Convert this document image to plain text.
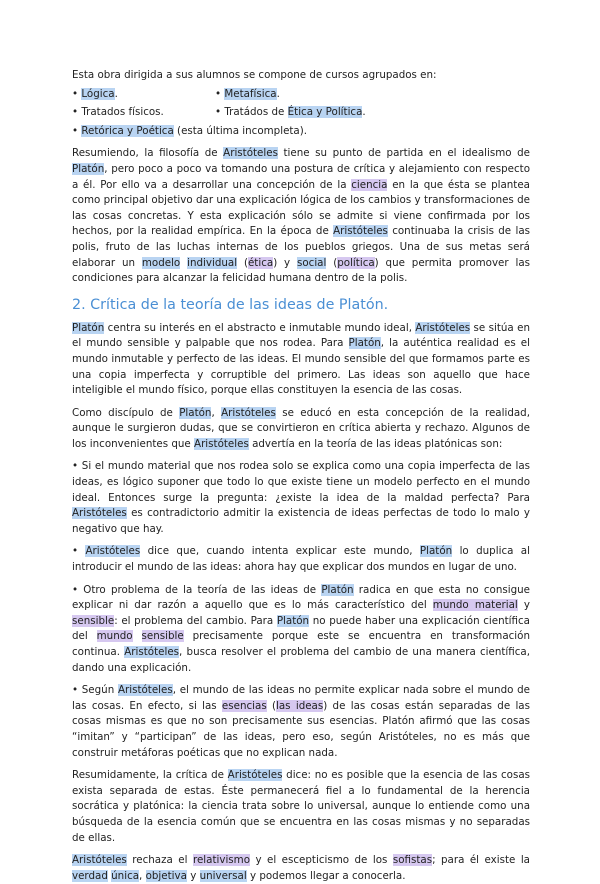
Esta obra dirigida a sus alumnos se compone de cursos agrupados en:

• Lógica.	• Metafísica.
• Tratados físicos.	• Tratádos de Ética y Política.
• Retórica y Poética (esta última incompleta).

Resumiendo, la filosofía de Aristóteles tiene su punto de partida en el idealismo de Platón, pero poco a poco va tomando una postura de crítica y alejamiento con respecto a él. Por ello va a desarrollar una concepción de la ciencia en la que ésta se plantea como principal objetivo dar una explicación lógica de los cambios y transformaciones de las cosas concretas. Y esta explicación sólo se admite si viene confirmada por los hechos, por la realidad empírica. En la época de Aristóteles continuaba la crisis de las polis, fruto de las luchas internas de los pueblos griegos. Una de sus metas será elaborar un modelo individual (ética) y social (política) que permita promover las condiciones para alcanzar la felicidad humana dentro de la polis.

2. Crítica de la teoría de las ideas de Platón.

Platón centra su interés en el abstracto e inmutable mundo ideal, Aristóteles se sitúa en el mundo sensible y palpable que nos rodea. Para Platón, la auténtica realidad es el mundo inmutable y perfecto de las ideas. El mundo sensible del que formamos parte es una copia imperfecta y corruptible del primero. Las ideas son aquello que hace inteligible el mundo físico, porque ellas constituyen la esencia de las cosas.

Como discípulo de Platón, Aristóteles se educó en esta concepción de la realidad, aunque le surgieron dudas, que se convirtieron en crítica abierta y rechazo. Algunos de los inconvenientes que Aristóteles advertía en la teoría de las ideas platónicas son:

• Si el mundo material que nos rodea solo se explica como una copia imperfecta de las ideas, es lógico suponer que todo lo que existe tiene un modelo perfecto en el mundo ideal. Entonces surge la pregunta: ¿existe la idea de la maldad perfecta? Para Aristóteles es contradictorio admitir la existencia de ideas perfectas de todo lo malo y negativo que hay.

• Aristóteles dice que, cuando intenta explicar este mundo, Platón lo duplica al introducir el mundo de las ideas: ahora hay que explicar dos mundos en lugar de uno.

• Otro problema de la teoría de las ideas de Platón radica en que esta no consigue explicar ni dar razón a aquello que es lo más característico del mundo material y sensible: el problema del cambio. Para Platón no puede haber una explicación científica del mundo sensible precisamente porque este se encuentra en transformación continua. Aristóteles, busca resolver el problema del cambio de una manera científica, dando una explicación.

• Según Aristóteles, el mundo de las ideas no permite explicar nada sobre el mundo de las cosas. En efecto, si las esencias (las ideas) de las cosas están separadas de las cosas mismas es que no son precisamente sus esencias. Platón afirmó que las cosas “imitan” y “participan” de las ideas, pero eso, según Aristóteles, no es más que construir metáforas poéticas que no explican nada.

Resumidamente, la crítica de Aristóteles dice: no es posible que la esencia de las cosas exista separada de estas. Éste permanecerá fiel a lo fundamental de la herencia socrática y platónica: la ciencia trata sobre lo universal, aunque lo entiende como una búsqueda de la esencia común que se encuentra en las cosas mismas y no separadas de ellas.

Aristóteles rechaza el relativismo y el escepticismo de los sofistas; para él existe la verdad única, objetiva y universal y podemos llegar a conocerla.
